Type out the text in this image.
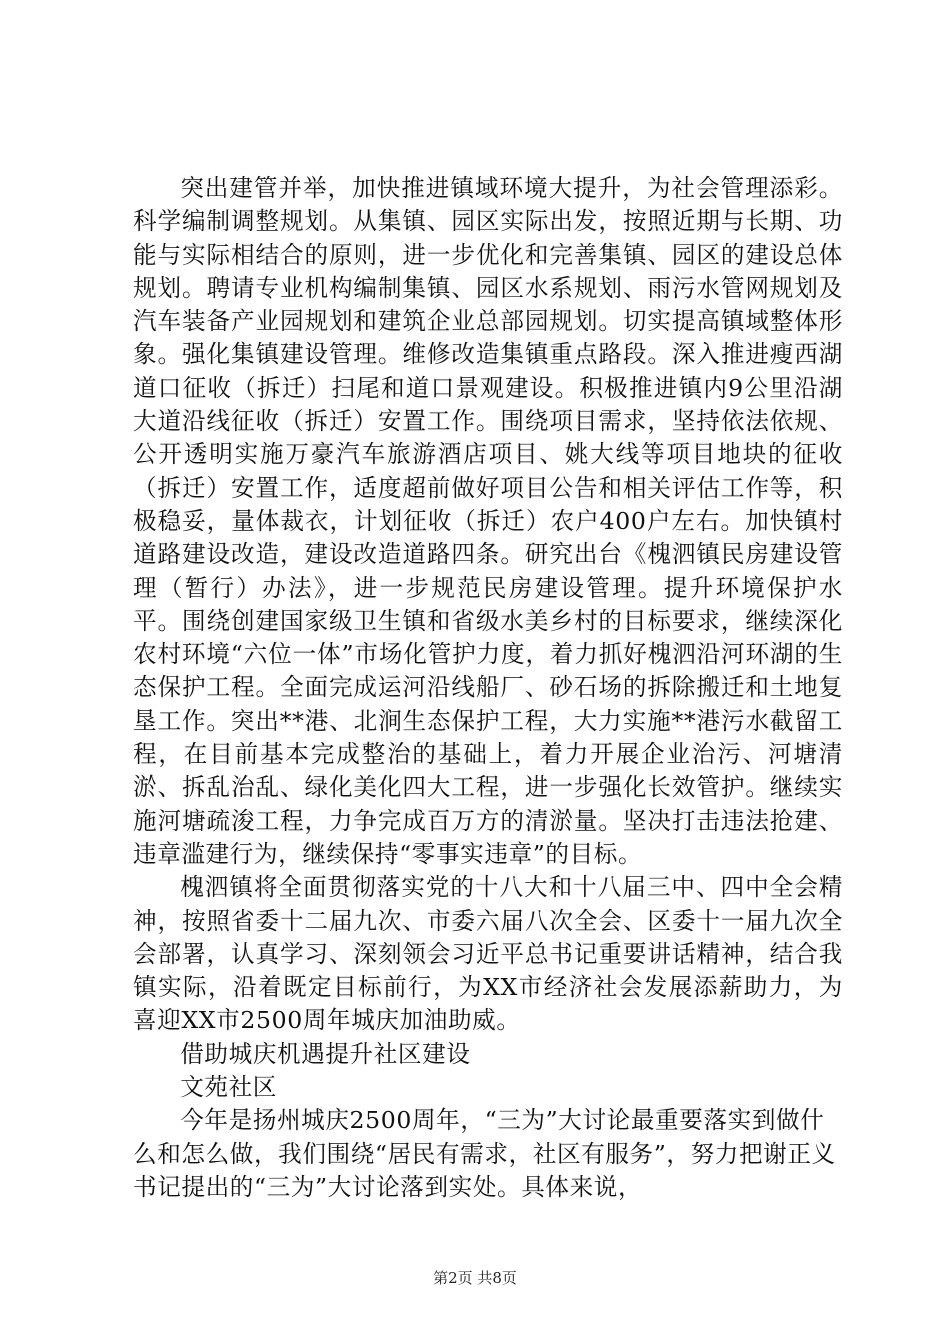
突出建管并举，加快推进镇域环境大提升，为社会管理添彩。科学编制调整规划。从集镇、园区实际出发，按照近期与长期、功能与实际相结合的原则，进一步优化和完善集镇、园区的建设总体规划。聘请专业机构编制集镇、园区水系规划、雨污水管网规划及汽车装备产业园规划和建筑企业总部园规划。切实提高镇域整体形象。强化集镇建设管理。维修改造集镇重点路段。深入推进瘦西湖道口征收（拆迁）扫尾和道口景观建设。积极推进镇内9公里沿湖大道沿线征收（拆迁）安置工作。围绕项目需求，坚持依法依规、公开透明实施万豪汽车旅游酒店项目、姚大线等项目地块的征收（拆迁）安置工作，适度超前做好项目公告和相关评估工作等，积极稳妥，量体裁衣，计划征收（拆迁）农户400户左右。加快镇村道路建设改造，建设改造道路四条。研究出台《槐泗镇民房建设管理（暂行）办法》，进一步规范民房建设管理。提升环境保护水平。围绕创建国家级卫生镇和省级水美乡村的目标要求，继续深化农村环境“六位一体”市场化管护力度，着力抓好槐泗沿河环湖的生态保护工程。全面完成运河沿线船厂、砂石场的拆除搬迁和土地复垦工作。突出**港、北涧生态保护工程，大力实施**港污水截留工程，在目前基本完成整治的基础上，着力开展企业治污、河塘清淤、拆乱治乱、绿化美化四大工程，进一步强化长效管护。继续实施河塘疏浚工程，力争完成百万方的清淤量。坚决打击违法抢建、违章滥建行为，继续保持“零事实违章”的目标。

槐泗镇将全面贯彻落实党的十八大和十八届三中、四中全会精神，按照省委十二届九次、市委六届八次全会、区委十一届九次全会部署，认真学习、深刻领会习近平总书记重要讲话精神，结合我镇实际，沿着既定目标前行，为XX市经济社会发展添薪助力，为喜迎XX市2500周年城庆加油助威。

借助城庆机遇提升社区建设

文苑社区

今年是扬州城庆2500周年，“三为”大讨论最重要落实到做什么和怎么做，我们围绕“居民有需求，社区有服务”，努力把谢正义书记提出的“三为”大讨论落到实处。具体来说，

第2页 共8页
